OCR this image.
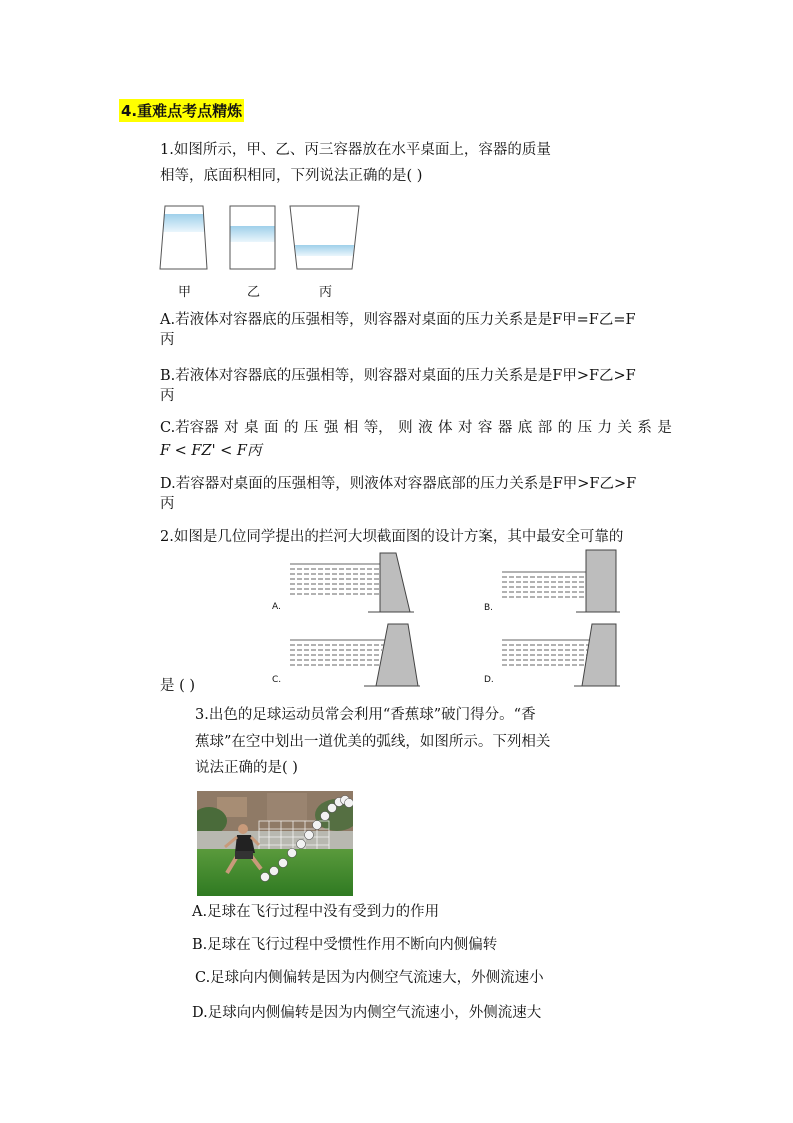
4.重难点考点精炼
1.如图所示，甲、乙、丙三容器放在水平桌面上，容器的质量
相等，底面积相同，下列说法正确的是( )
甲	乙	丙
A.若液体对容器底的压强相等，则容器对桌面的压力关系是是F甲=F乙=F
丙
B.若液体对容器底的压强相等，则容器对桌面的压力关系是是F甲>F乙>F
丙
C.若容器 对 桌 面 的 压 强 相 等， 则 液 体 对 容 器 底 部 的 压 力 关 系 是
F < FZ' < F丙
D.若容器对桌面的压强相等，则液体对容器底部的压力关系是F甲>F乙>F
丙
2.如图是几位同学提出的拦河大坝截面图的设计方案，其中最安全可靠的
A.	B.
C.	D.
是 ( )
3.出色的足球运动员常会利用“香蕉球”破门得分。“香
蕉球”在空中划出一道优美的弧线，如图所示。下列相关
说法正确的是( )
A.足球在飞行过程中没有受到力的作用
B.足球在飞行过程中受惯性作用不断向内侧偏转
C.足球向内侧偏转是因为内侧空气流速大，外侧流速小
D.足球向内侧偏转是因为内侧空气流速小，外侧流速大
